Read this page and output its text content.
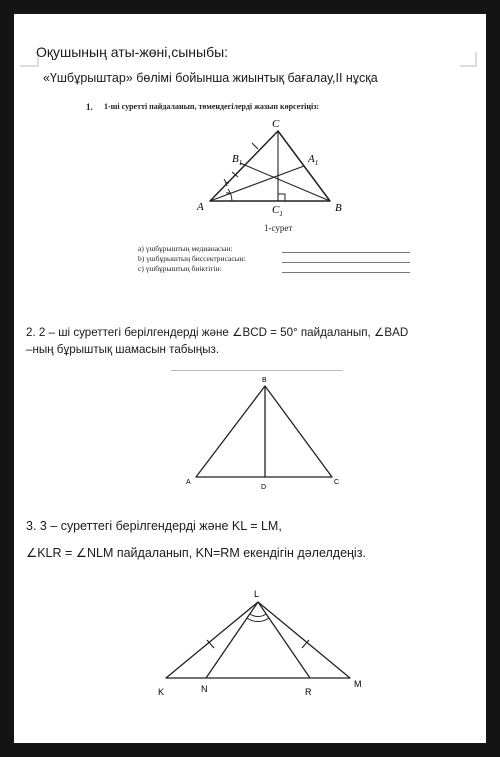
Оқушының аты-жөні,сыныбы:
«Үшбұрыштар» бөлімі бойынша жиынтық бағалау,ІІ нұсқа
1. 1-ші суретті пайдаланып, төмендегілерді жазып көрсетіңіз:
C
$B_1$	$A_1$
A	B
$C_1$
1-сурет
a) үшбұрыштың медианасын:
b) үшбұрыштың биссектрисасын:
c) үшбұрыштың биіктігін:
2. 2 – ші суреттегі берілгендерді және ∠BCD = 50° пайдаланып, ∠BAD
–ның бұрыштық шамасын табыңыз.
B
A
D
C
3. 3 – суреттегі берілгендерді және KL = LM,
∠KLR = ∠NLM пайдаланып, KN=RM екендігін дәлелдеңіз.
L
K	N	R
M
